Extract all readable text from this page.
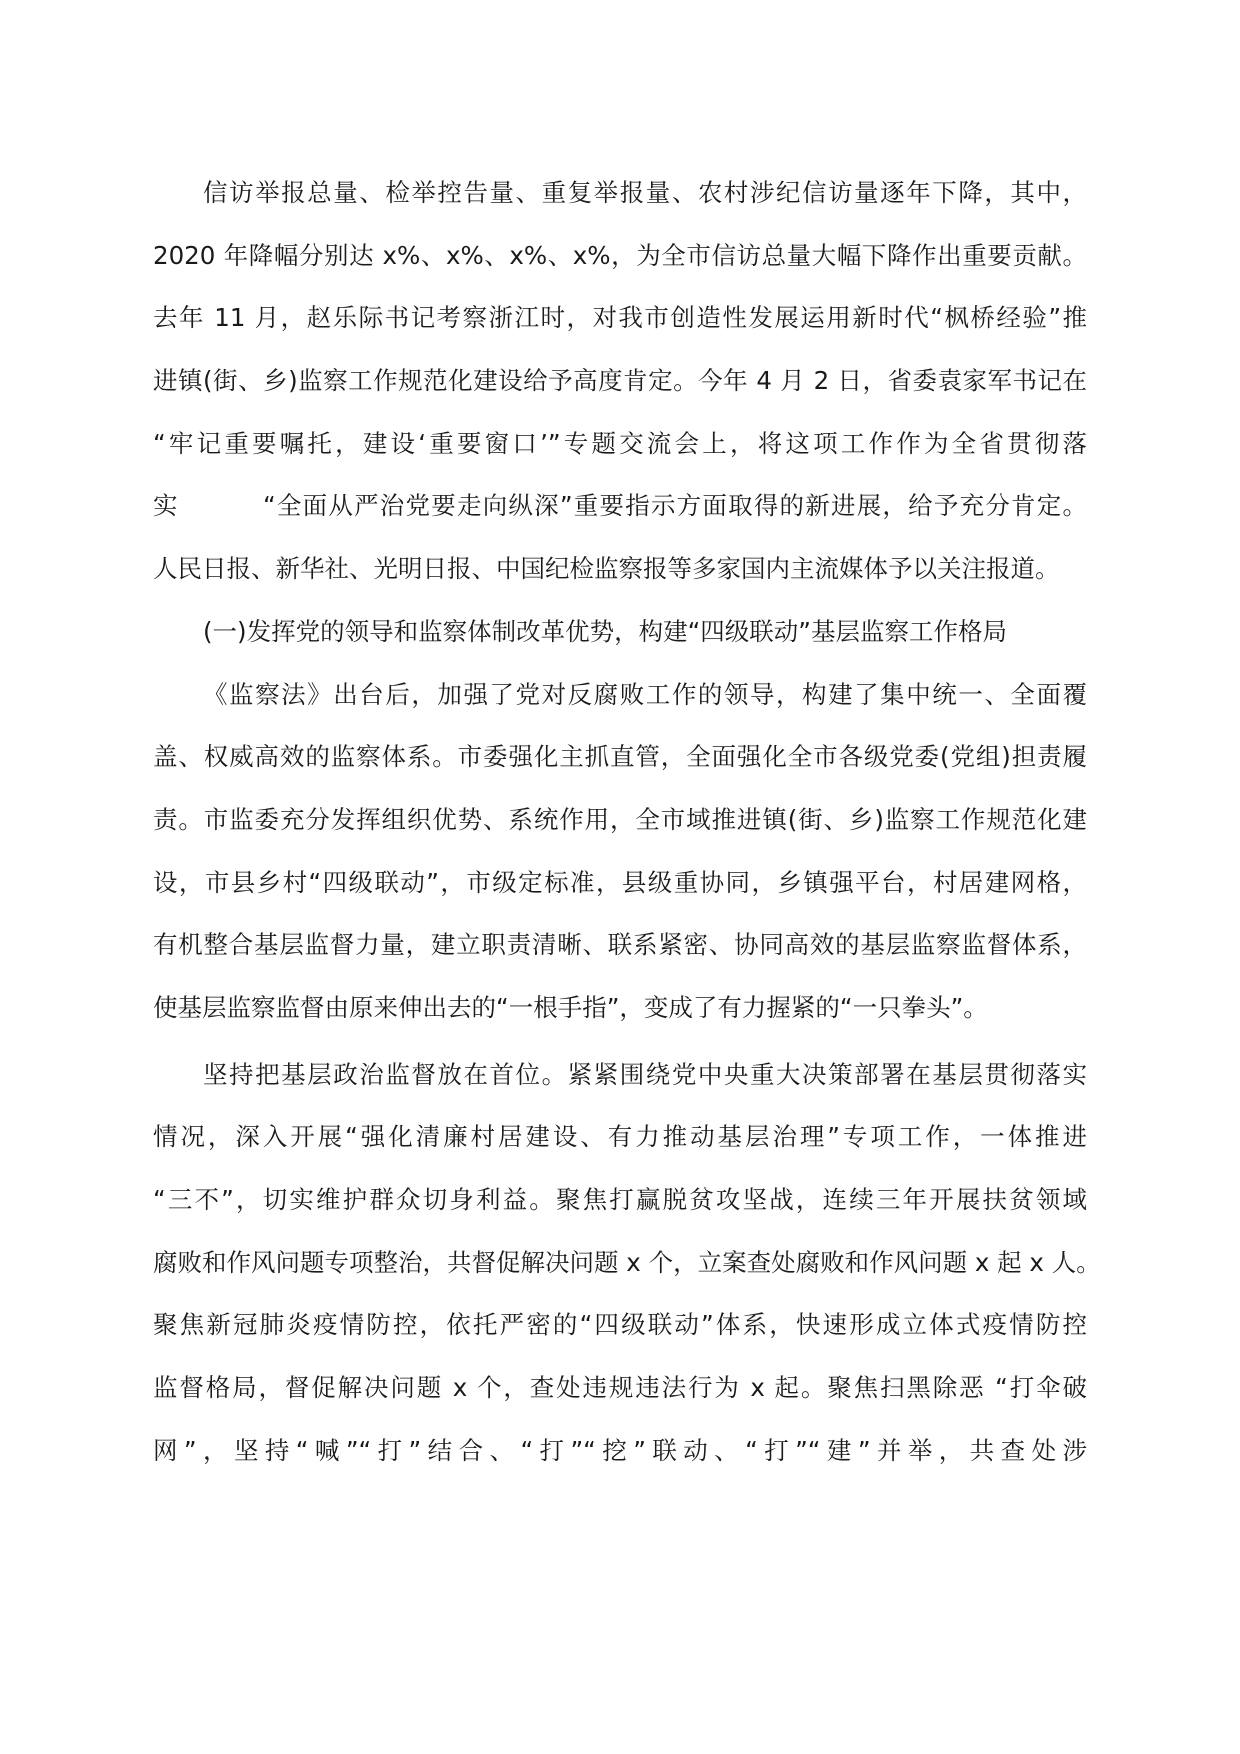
信访举报总量、检举控告量、重复举报量、农村涉纪信访量逐年下降，其中，
2020 年降幅分别达 x%、x%、x%、x%，为全市信访总量大幅下降作出重要贡献。
去年 11 月，赵乐际书记考察浙江时，对我市创造性发展运用新时代“枫桥经验”推
进镇(街、乡)监察工作规范化建设给予高度肯定。今年 4 月 2 日，省委袁家军书记在
“牢记重要嘱托，建设‘重要窗口’”专题交流会上，将这项工作作为全省贯彻落
实	“全面从严治党要走向纵深”重要指示方面取得的新进展，给予充分肯定。
人民日报、新华社、光明日报、中国纪检监察报等多家国内主流媒体予以关注报道。
(一)发挥党的领导和监察体制改革优势，构建“四级联动”基层监察工作格局
《监察法》出台后，加强了党对反腐败工作的领导，构建了集中统一、全面覆
盖、权威高效的监察体系。市委强化主抓直管，全面强化全市各级党委(党组)担责履
责。市监委充分发挥组织优势、系统作用，全市域推进镇(街、乡)监察工作规范化建
设，市县乡村“四级联动”，市级定标准，县级重协同，乡镇强平台，村居建网格，
有机整合基层监督力量，建立职责清晰、联系紧密、协同高效的基层监察监督体系，
使基层监察监督由原来伸出去的“一根手指”，变成了有力握紧的“一只拳头”。
坚持把基层政治监督放在首位。紧紧围绕党中央重大决策部署在基层贯彻落实
情况，深入开展“强化清廉村居建设、有力推动基层治理”专项工作，一体推进
“三不”，切实维护群众切身利益。聚焦打赢脱贫攻坚战，连续三年开展扶贫领域
腐败和作风问题专项整治，共督促解决问题 x 个，立案查处腐败和作风问题 x 起 x 人。
聚焦新冠肺炎疫情防控，依托严密的“四级联动”体系，快速形成立体式疫情防控
监督格局，督促解决问题 x 个，查处违规违法行为 x 起。聚焦扫黑除恶 “打伞破
网”，坚持“喊”“打”结合、“打”“挖”联动、“打”“建”并举，共查处涉
